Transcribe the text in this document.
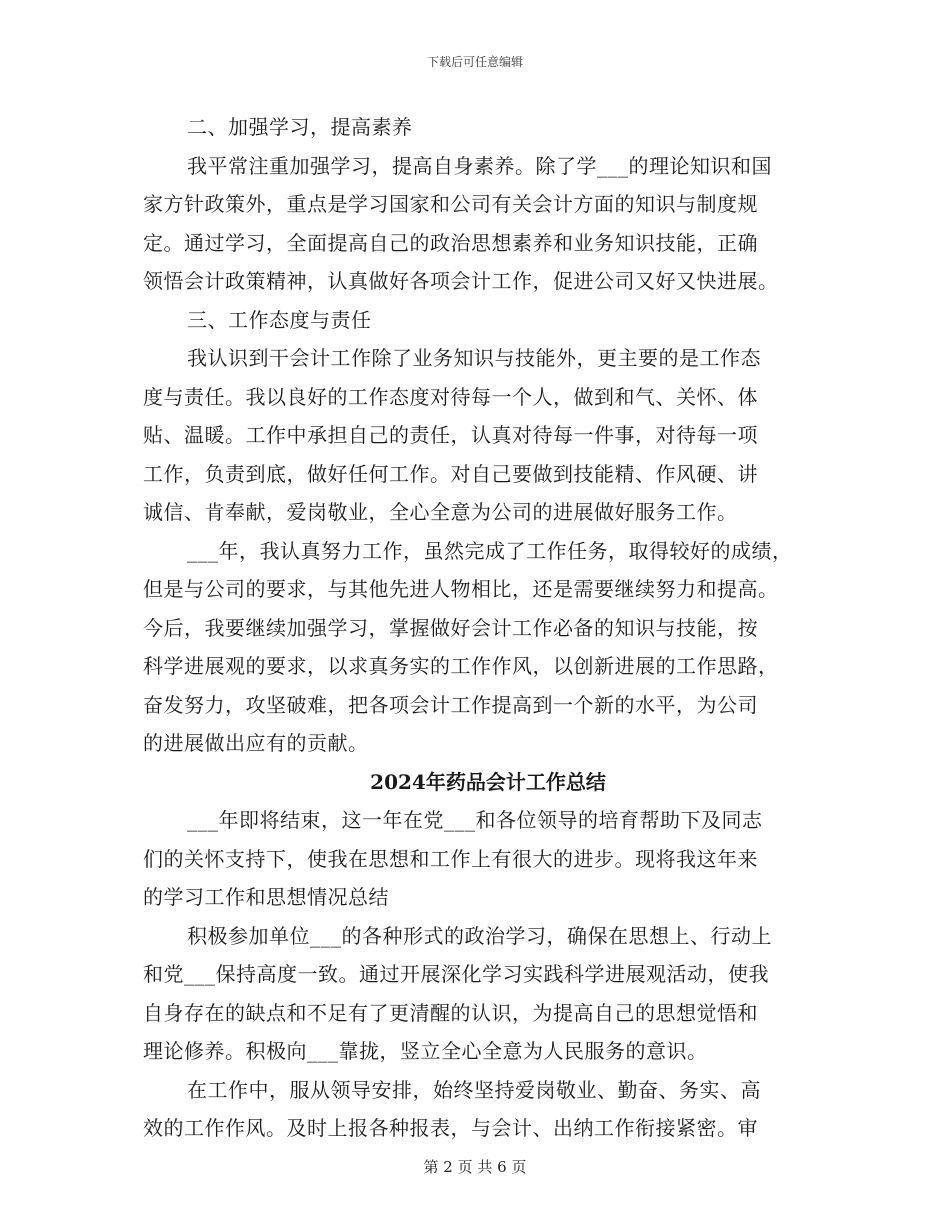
下载后可任意编辑
二、加强学习，提高素养
我平常注重加强学习，提高自身素养。除了学___的理论知识和国
家方针政策外，重点是学习国家和公司有关会计方面的知识与制度规
定。通过学习，全面提高自己的政治思想素养和业务知识技能，正确
领悟会计政策精神，认真做好各项会计工作，促进公司又好又快进展。
三、工作态度与责任
我认识到干会计工作除了业务知识与技能外，更主要的是工作态
度与责任。我以良好的工作态度对待每一个人，做到和气、关怀、体
贴、温暖。工作中承担自己的责任，认真对待每一件事，对待每一项
工作，负责到底，做好任何工作。对自己要做到技能精、作风硬、讲
诚信、肯奉献，爱岗敬业，全心全意为公司的进展做好服务工作。
___年，我认真努力工作，虽然完成了工作任务，取得较好的成绩，
但是与公司的要求，与其他先进人物相比，还是需要继续努力和提高。
今后，我要继续加强学习，掌握做好会计工作必备的知识与技能，按
科学进展观的要求，以求真务实的工作作风，以创新进展的工作思路，
奋发努力，攻坚破难，把各项会计工作提高到一个新的水平，为公司
的进展做出应有的贡献。
2024年药品会计工作总结
___年即将结束，这一年在党___和各位领导的培育帮助下及同志
们的关怀支持下，使我在思想和工作上有很大的进步。现将我这年来
的学习工作和思想情况总结
积极参加单位___的各种形式的政治学习，确保在思想上、行动上
和党___保持高度一致。通过开展深化学习实践科学进展观活动，使我
自身存在的缺点和不足有了更清醒的认识，为提高自己的思想觉悟和
理论修养。积极向___靠拢，竖立全心全意为人民服务的意识。
在工作中，服从领导安排，始终坚持爱岗敬业、勤奋、务实、高
效的工作作风。及时上报各种报表，与会计、出纳工作衔接紧密。审
第 2 页 共 6 页
